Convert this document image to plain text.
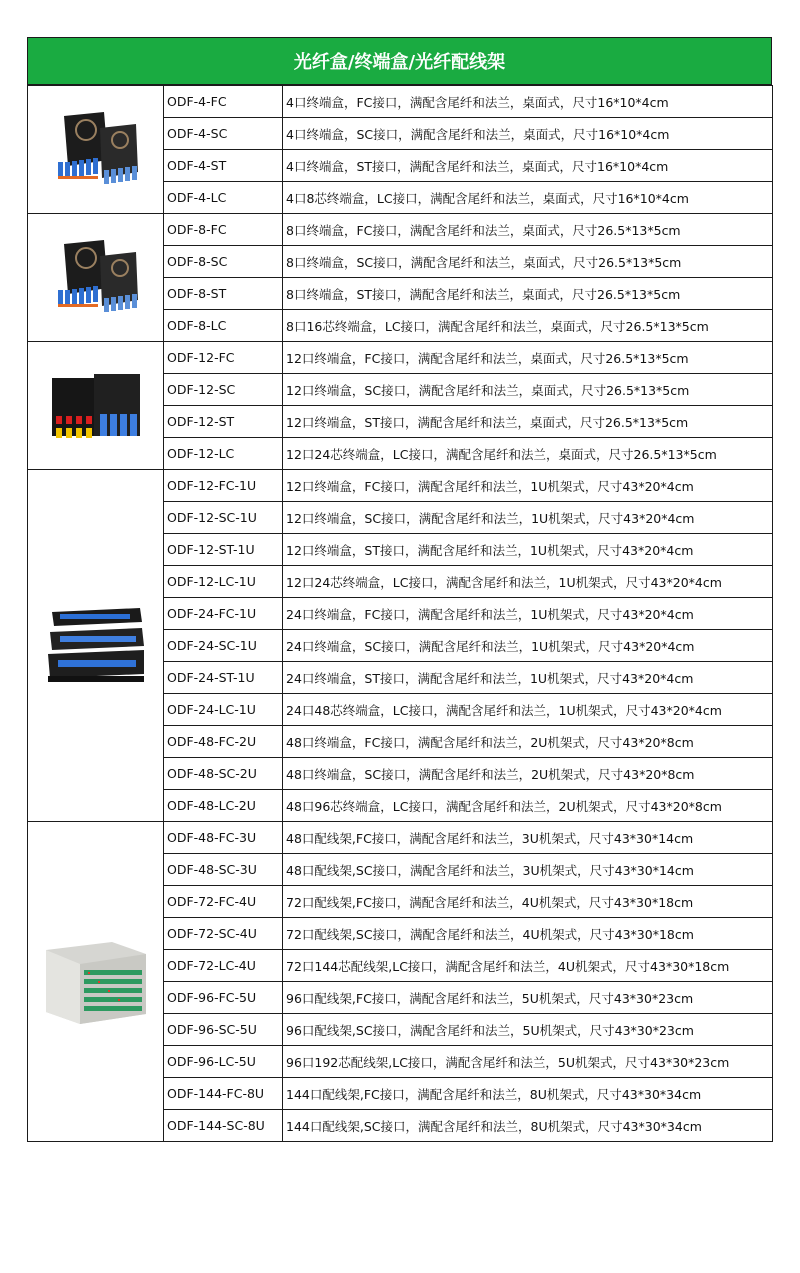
光纤盒/终端盒/光纤配线架
	ODF-4-FC	4口终端盒，FC接口，满配含尾纤和法兰，桌面式，尺寸16*10*4cm
	ODF-4-SC	4口终端盒，SC接口，满配含尾纤和法兰，桌面式，尺寸16*10*4cm
	ODF-4-ST	4口终端盒，ST接口，满配含尾纤和法兰，桌面式，尺寸16*10*4cm
	ODF-4-LC	4口8芯终端盒，LC接口，满配含尾纤和法兰，桌面式，尺寸16*10*4cm

	ODF-8-FC	8口终端盒，FC接口，满配含尾纤和法兰，桌面式，尺寸26.5*13*5cm
	ODF-8-SC	8口终端盒，SC接口，满配含尾纤和法兰，桌面式，尺寸26.5*13*5cm
	ODF-8-ST	8口终端盒，ST接口，满配含尾纤和法兰，桌面式，尺寸26.5*13*5cm
	ODF-8-LC	8口16芯终端盒，LC接口，满配含尾纤和法兰，桌面式，尺寸26.5*13*5cm

	ODF-12-FC	12口终端盒，FC接口，满配含尾纤和法兰，桌面式，尺寸26.5*13*5cm
	ODF-12-SC	12口终端盒，SC接口，满配含尾纤和法兰，桌面式，尺寸26.5*13*5cm
	ODF-12-ST	12口终端盒，ST接口，满配含尾纤和法兰，桌面式，尺寸26.5*13*5cm
	ODF-12-LC	12口24芯终端盒，LC接口，满配含尾纤和法兰，桌面式，尺寸26.5*13*5cm

	ODF-12-FC-1U	12口终端盒，FC接口，满配含尾纤和法兰，1U机架式，尺寸43*20*4cm
	ODF-12-SC-1U	12口终端盒，SC接口，满配含尾纤和法兰，1U机架式，尺寸43*20*4cm
	ODF-12-ST-1U	12口终端盒，ST接口，满配含尾纤和法兰，1U机架式，尺寸43*20*4cm
	ODF-12-LC-1U	12口24芯终端盒，LC接口，满配含尾纤和法兰，1U机架式，尺寸43*20*4cm
	ODF-24-FC-1U	24口终端盒，FC接口，满配含尾纤和法兰，1U机架式，尺寸43*20*4cm
	ODF-24-SC-1U	24口终端盒，SC接口，满配含尾纤和法兰，1U机架式，尺寸43*20*4cm
	ODF-24-ST-1U	24口终端盒，ST接口，满配含尾纤和法兰，1U机架式，尺寸43*20*4cm
	ODF-24-LC-1U	24口48芯终端盒，LC接口，满配含尾纤和法兰，1U机架式，尺寸43*20*4cm
	ODF-48-FC-2U	48口终端盒，FC接口，满配含尾纤和法兰，2U机架式，尺寸43*20*8cm
	ODF-48-SC-2U	48口终端盒，SC接口，满配含尾纤和法兰，2U机架式，尺寸43*20*8cm
	ODF-48-LC-2U	48口96芯终端盒，LC接口，满配含尾纤和法兰，2U机架式，尺寸43*20*8cm

	ODF-48-FC-3U	48口配线架,FC接口，满配含尾纤和法兰，3U机架式，尺寸43*30*14cm
	ODF-48-SC-3U	48口配线架,SC接口，满配含尾纤和法兰，3U机架式，尺寸43*30*14cm
	ODF-72-FC-4U	72口配线架,FC接口，满配含尾纤和法兰，4U机架式，尺寸43*30*18cm
	ODF-72-SC-4U	72口配线架,SC接口，满配含尾纤和法兰，4U机架式，尺寸43*30*18cm
	ODF-72-LC-4U	72口144芯配线架,LC接口，满配含尾纤和法兰，4U机架式，尺寸43*30*18cm
	ODF-96-FC-5U	96口配线架,FC接口，满配含尾纤和法兰，5U机架式，尺寸43*30*23cm
	ODF-96-SC-5U	96口配线架,SC接口，满配含尾纤和法兰，5U机架式，尺寸43*30*23cm
	ODF-96-LC-5U	96口192芯配线架,LC接口，满配含尾纤和法兰，5U机架式，尺寸43*30*23cm
	ODF-144-FC-8U	144口配线架,FC接口，满配含尾纤和法兰，8U机架式，尺寸43*30*34cm
	ODF-144-SC-8U	144口配线架,SC接口，满配含尾纤和法兰，8U机架式，尺寸43*30*34cm
